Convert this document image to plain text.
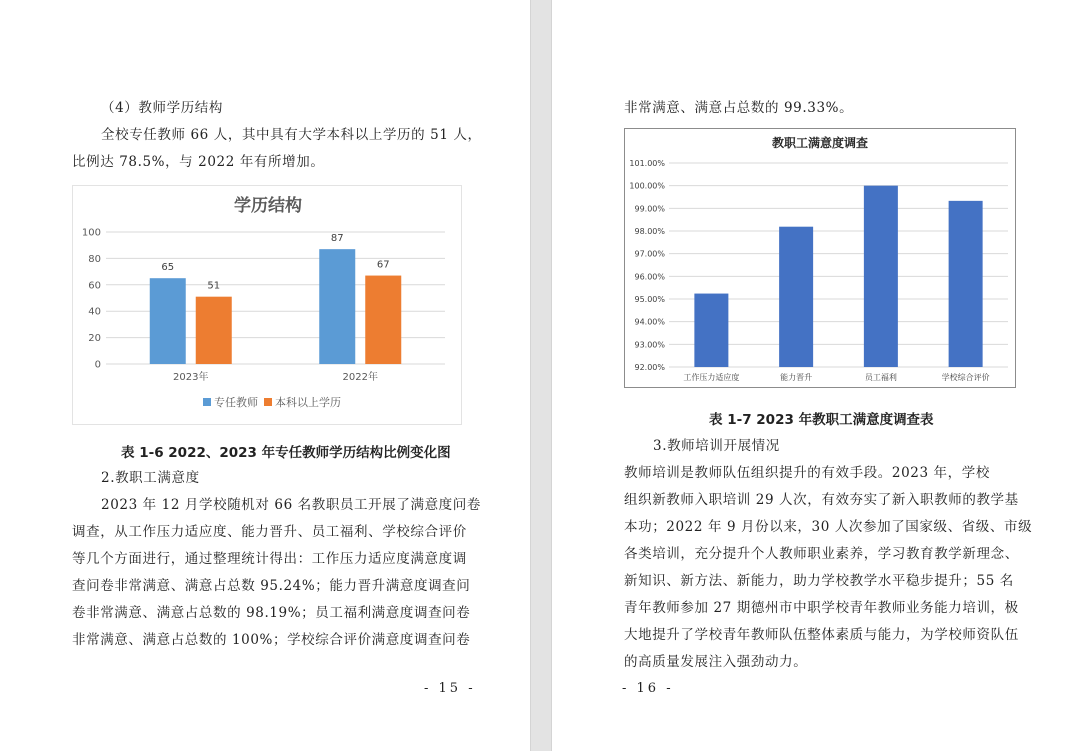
（4）教师学历结构
全校专任教师 66 人，其中具有大学本科以上学历的 51 人，
比例达 78.5%，与 2022 年有所增加。
学历结构
0
20
40
60
80
100
65
51
2023年
87
67
2022年
专任教师 本科以上学历
表 1-6 2022、2023 年专任教师学历结构比例变化图
2.教职工满意度
2023 年 12 月学校随机对 66 名教职员工开展了满意度问卷
调查，从工作压力适应度、能力晋升、员工福利、学校综合评价
等几个方面进行，通过整理统计得出：工作压力适应度满意度调
查问卷非常满意、满意占总数 95.24%；能力晋升满意度调查问
卷非常满意、满意占总数的 98.19%；员工福利满意度调查问卷
非常满意、满意占总数的 100%；学校综合评价满意度调查问卷
- 15 -
非常满意、满意占总数的 99.33%。
表 1-7 2023 年教职工满意度调查表
3.教师培训开展情况
教师培训是教师队伍组织提升的有效手段。2023 年，学校
组织新教师入职培训 29 人次，有效夯实了新入职教师的教学基
本功；2022 年 9 月份以来，30 人次参加了国家级、省级、市级
各类培训，充分提升个人教师职业素养，学习教育教学新理念、
新知识、新方法、新能力，助力学校教学水平稳步提升；55 名
青年教师参加 27 期德州市中职学校青年教师业务能力培训，极
大地提升了学校青年教师队伍整体素质与能力，为学校师资队伍
的高质量发展注入强劲动力。
- 16 -
教职工满意度调查
92.00%
93.00%
94.00%
95.00%
96.00%
97.00%
98.00%
99.00%
100.00%
101.00%
工作压力适应度	能力晋升	员工福利	学校综合评价
